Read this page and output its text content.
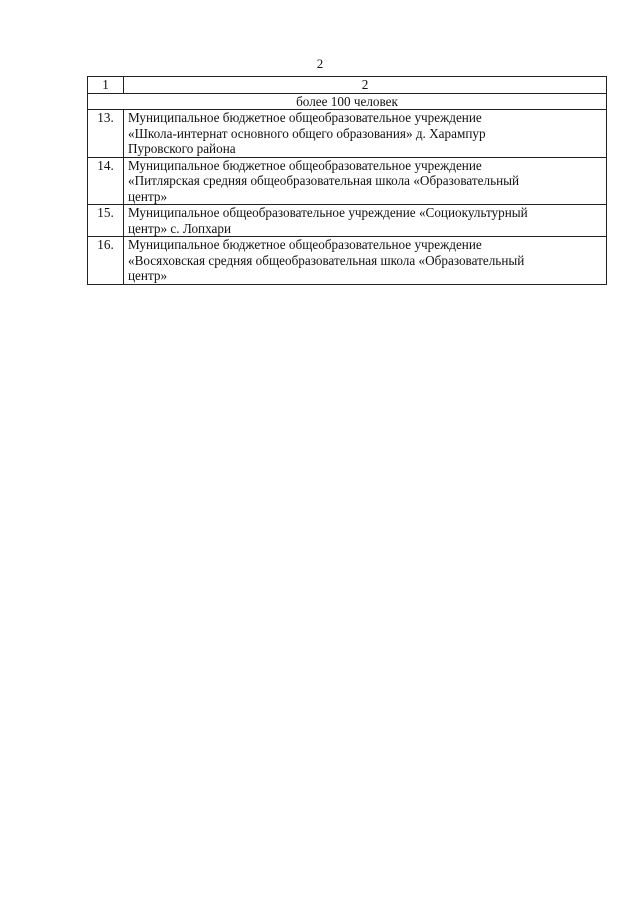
2
1	2
более 100 человек	
13.	Муниципальное бюджетное общеобразовательное учреждение
«Школа-интернат основного общего образования» д. Харампур
Пуровского района

14.	Муниципальное бюджетное общеобразовательное учреждение
«Питлярская средняя общеобразовательная школа «Образовательный
центр»

15.	Муниципальное общеобразовательное учреждение «Социокультурный
центр» с. Лопхари

16.	Муниципальное бюджетное общеобразовательное учреждение
«Восяховская средняя общеобразовательная школа «Образовательный
центр»
